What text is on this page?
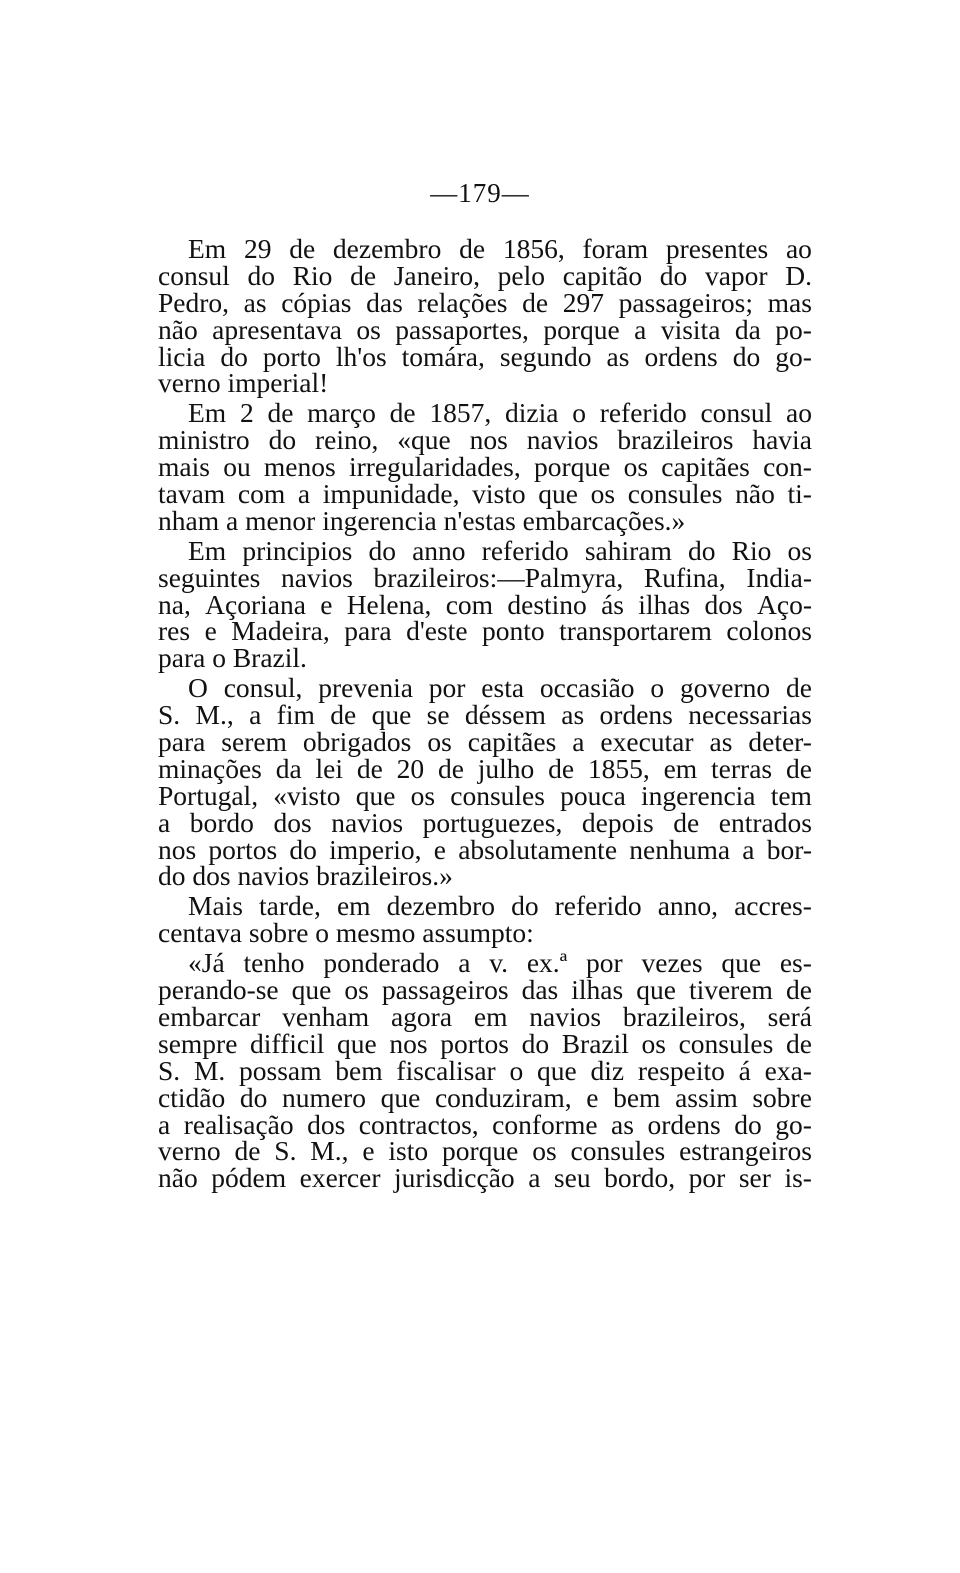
—179—
Em 29 de dezembro de 1856, foram presentes ao
consul do Rio de Janeiro, pelo capitão do vapor D.
Pedro, as cópias das relações de 297 passageiros; mas
não apresentava os passaportes, porque a visita da po-
licia do porto lh'os tomára, segundo as ordens do go-
verno imperial!
Em 2 de março de 1857, dizia o referido consul ao
ministro do reino, «que nos navios brazileiros havia
mais ou menos irregularidades, porque os capitães con-
tavam com a impunidade, visto que os consules não ti-
nham a menor ingerencia n'estas embarcações.»
Em principios do anno referido sahiram do Rio os
seguintes navios brazileiros:—Palmyra, Rufina, India-
na, Açoriana e Helena, com destino ás ilhas dos Aço-
res e Madeira, para d'este ponto transportarem colonos
para o Brazil.
O consul, prevenia por esta occasião o governo de
S. M., a fim de que se déssem as ordens necessarias
para serem obrigados os capitães a executar as deter-
minações da lei de 20 de julho de 1855, em terras de
Portugal, «visto que os consules pouca ingerencia tem
a bordo dos navios portuguezes, depois de entrados
nos portos do imperio, e absolutamente nenhuma a bor-
do dos navios brazileiros.»
Mais tarde, em dezembro do referido anno, accres-
centava sobre o mesmo assumpto:
«Já tenho ponderado a v. ex.ª por vezes que es-
perando-se que os passageiros das ilhas que tiverem de
embarcar venham agora em navios brazileiros, será
sempre difficil que nos portos do Brazil os consules de
S. M. possam bem fiscalisar o que diz respeito á exa-
ctidão do numero que conduziram, e bem assim sobre
a realisação dos contractos, conforme as ordens do go-
verno de S. M., e isto porque os consules estrangeiros
não pódem exercer jurisdicção a seu bordo, por ser is-
